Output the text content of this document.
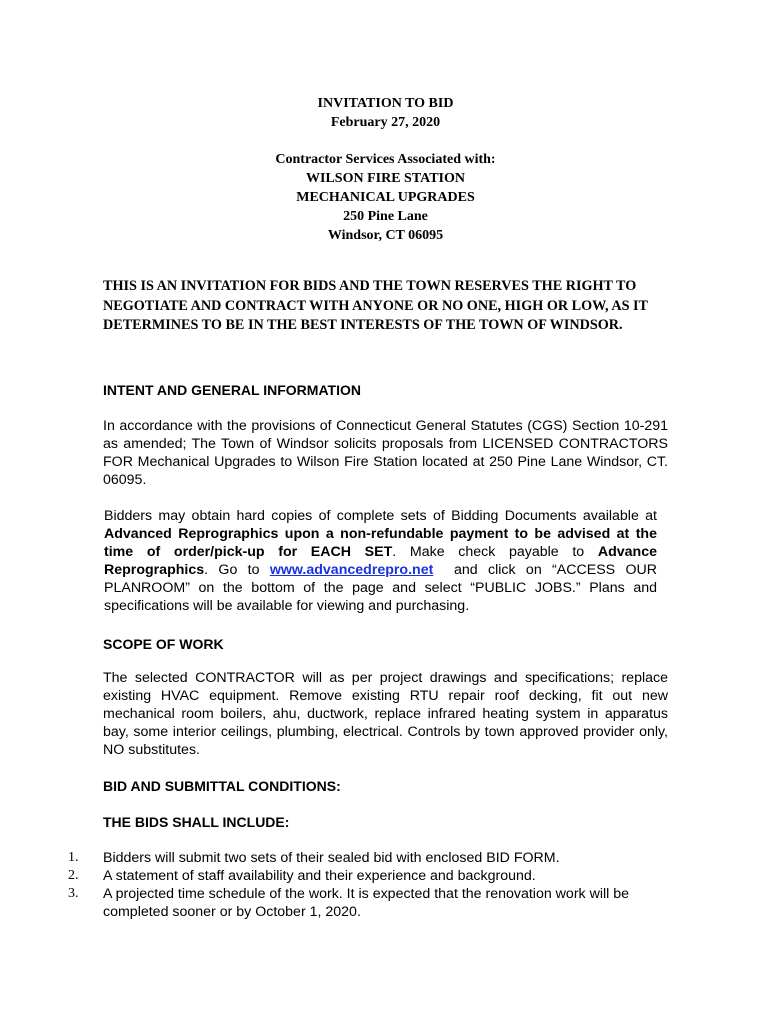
INVITATION TO BID
February 27, 2020
Contractor Services Associated with:
WILSON FIRE STATION
MECHANICAL UPGRADES
250 Pine Lane
Windsor, CT 06095
THIS IS AN INVITATION FOR BIDS AND THE TOWN RESERVES THE RIGHT TO NEGOTIATE AND CONTRACT WITH ANYONE OR NO ONE, HIGH OR LOW, AS IT DETERMINES TO BE IN THE BEST INTERESTS OF THE TOWN OF WINDSOR.
INTENT AND GENERAL INFORMATION
In accordance with the provisions of Connecticut General Statutes (CGS) Section 10-291 as amended; The Town of Windsor solicits proposals from LICENSED CONTRACTORS FOR Mechanical Upgrades to Wilson Fire Station located at 250 Pine Lane Windsor, CT. 06095.
Bidders may obtain hard copies of complete sets of Bidding Documents available at Advanced Reprographics upon a non-refundable payment to be advised at the time of order/pick-up for EACH SET. Make check payable to Advance Reprographics. Go to www.advancedrepro.net  and click on “ACCESS OUR PLANROOM” on the bottom of the page and select “PUBLIC JOBS.” Plans and specifications will be available for viewing and purchasing.
SCOPE OF WORK
The selected CONTRACTOR will as per project drawings and specifications; replace existing HVAC equipment. Remove existing RTU repair roof decking, fit out new mechanical room boilers, ahu, ductwork, replace infrared heating system in apparatus bay, some interior ceilings, plumbing, electrical. Controls by town approved provider only, NO substitutes.
BID AND SUBMITTAL CONDITIONS:
THE BIDS SHALL INCLUDE:
1. Bidders will submit two sets of their sealed bid with enclosed BID FORM.
2. A statement of staff availability and their experience and background.
3. A projected time schedule of the work. It is expected that the renovation work will be completed sooner or by October 1, 2020.
